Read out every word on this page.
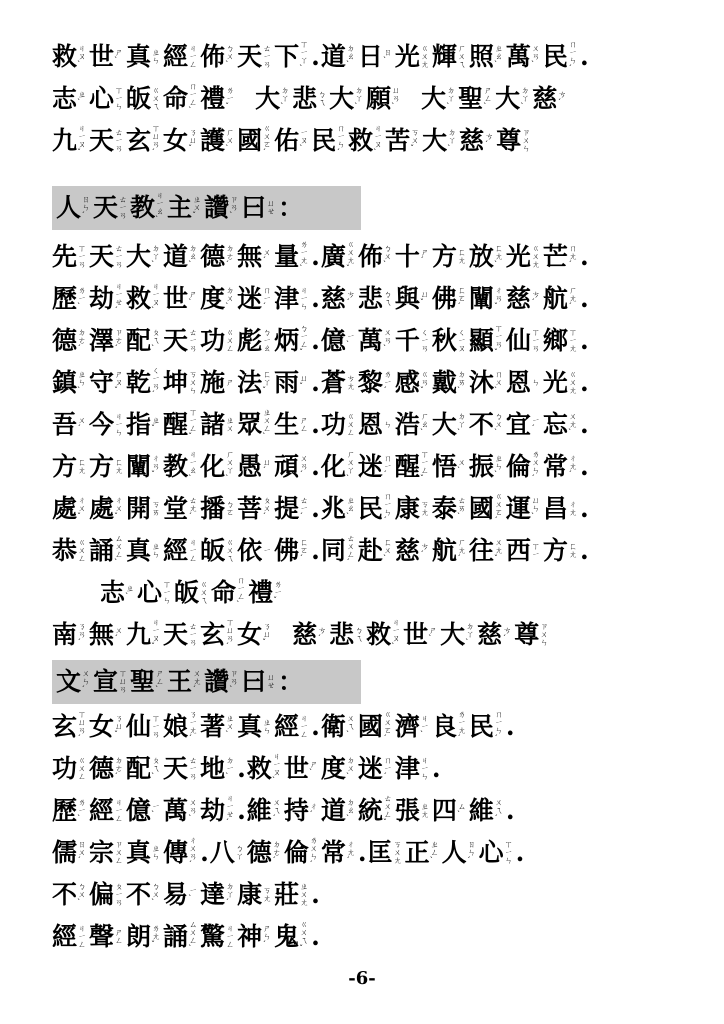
救 ㄐ
ㄡ
ˋ 世 ㄕ
ˋ 真 ㄓ
ㄣ 經 ㄐ
ㄧ
ㄥ 佈 ㄅ
ㄨ
ˋ 天 ㄊ
ㄧ
ㄢ 下 ㄒ
ㄧ
ㄚ
ˋ . 道 ㄉ
ㄠ
ˋ 日 ㄖ
ˋ 光 ㄍ
ㄨ
ㄤ 輝 ㄏ
ㄨ
ㄟ 照 ㄓ
ㄠ
ˋ 萬 ㄨ
ㄢ
ˋ 民 ㄇ
ㄧ
ㄣ
ˊ .
志 ㄓ
ˋ 心 ㄒ
ㄧ
ㄣ 皈 ㄍ
ㄨ
ㄟ 命 ㄇ
ㄧ
ㄥ
ˋ 禮 ㄌ
ㄧ
ˇ 大 ㄉ
ㄚ
ˋ 悲 ㄅ
ㄟ 大 ㄉ
ㄚ
ˋ 願 ㄩ
ㄢ
ˋ 大 ㄉ
ㄚ
ˋ 聖 ㄕ
ㄥ
ˋ 大 ㄉ
ㄚ
ˋ 慈 ㄘ
ˊ
九 ㄐ
ㄧ
ㄡ
ˇ 天 ㄊ
ㄧ
ㄢ 玄 ㄒ
ㄩ
ㄢ
ˊ 女 ㄋ
ㄩ
ˇ 護 ㄏ
ㄨ
ˋ 國 ㄍ
ㄨ
ㄛ
ˊ 佑 ㄧ
ㄡ
ˋ 民 ㄇ
ㄧ
ㄣ
ˊ 救 ㄐ
ㄧ
ㄡ
ˋ 苦 ㄎ
ㄨ
ˇ 大 ㄉ
ㄚ
ˋ 慈 ㄘ
ˊ 尊 ㄗ
ㄨ
ㄣ
人 ㄖ
ㄣ
ˊ 天 ㄊ
ㄧ
ㄢ 教 ㄐ
ㄧ
ㄠ
ˋ 主 ㄓ
ㄨ
ˇ 讚 ㄗ
ㄢ
ˋ 曰 ㄩ
ㄝ ：
先 ㄒ
ㄧ
ㄢ 天 ㄊ
ㄧ
ㄢ 大 ㄉ
ㄚ
ˋ 道 ㄉ
ㄠ
ˋ 德 ㄉ
ㄜ
ˊ 無 ㄨ
ˊ 量 ㄌ
ㄧ
ㄤ
ˋ . 廣 ㄍ
ㄨ
ㄤ
ˇ 佈 ㄅ
ㄨ
ˋ 十 ㄕ
ˊ 方 ㄈ
ㄤ 放 ㄈ
ㄤ
ˋ 光 ㄍ
ㄨ
ㄤ 芒 ㄇ
ㄤ
ˊ .
歷 ㄌ
ㄧ
ˋ 劫 ㄐ
ㄧ
ㄝ
ˊ 救 ㄐ
ㄧ
ㄡ
ˋ 世 ㄕ
ˋ 度 ㄉ
ㄨ
ˋ 迷 ㄇ
ㄧ
ˊ 津 ㄐ
ㄧ
ㄣ . 慈 ㄘ
ˊ 悲 ㄅ
ㄟ 與 ㄩ
ˇ 佛 ㄈ
ㄛ
ˊ 闡 ㄔ
ㄢ
ˇ 慈 ㄘ
ˊ 航 ㄏ
ㄤ
ˊ .
德 ㄉ
ㄜ
ˊ 澤 ㄗ
ㄜ
ˊ 配 ㄆ
ㄟ
ˋ 天 ㄊ
ㄧ
ㄢ 功 ㄍ
ㄨ
ㄥ 彪 ㄅ
ㄧ
ㄠ 炳 ㄅ
ㄧ
ㄥ
ˇ . 億 ㄧ
ˋ 萬 ㄨ
ㄢ
ˋ 千 ㄑ
ㄧ
ㄢ 秋 ㄑ
ㄧ
ㄡ 顯 ㄒ
ㄧ
ㄢ
ˇ 仙 ㄒ
ㄧ
ㄢ 鄉 ㄒ
ㄧ
ㄤ .
鎮 ㄓ
ㄣ
ˋ 守 ㄕ
ㄡ
ˇ 乾 ㄑ
ㄧ
ㄢ
ˊ 坤 ㄎ
ㄨ
ㄣ 施 ㄕ 法 ㄈ
ㄚ
ˇ 雨 ㄩ
ˇ . 蒼 ㄘ
ㄤ 黎 ㄌ
ㄧ
ˊ 感 ㄍ
ㄢ
ˇ 戴 ㄉ
ㄞ
ˋ 沐 ㄇ
ㄨ
ˋ 恩 ㄣ 光 ㄍ
ㄨ
ㄤ .
吾 ㄨ
ˊ 今 ㄐ
ㄧ
ㄣ 指 ㄓ
ˇ 醒 ㄒ
ㄧ
ㄥ
ˇ 諸 ㄓ
ㄨ 眾 ㄓ
ㄨ
ㄥ
ˋ 生 ㄕ
ㄥ . 功 ㄍ
ㄨ
ㄥ 恩 ㄣ 浩 ㄏ
ㄠ
ˋ 大 ㄉ
ㄚ
ˋ 不 ㄅ
ㄨ
ˋ 宜 ㄧ
ˊ 忘 ㄨ
ㄤ
ˋ .
方 ㄈ
ㄤ 方 ㄈ
ㄤ 闡 ㄔ
ㄢ
ˇ 教 ㄐ
ㄧ
ㄠ
ˋ 化 ㄏ
ㄨ
ㄚ
ˋ 愚 ㄩ
ˊ 頑 ㄨ
ㄢ
ˊ . 化 ㄏ
ㄨ
ㄚ
ˋ 迷 ㄇ
ㄧ
ˊ 醒 ㄒ
ㄧ
ㄥ
ˇ 悟 ㄨ
ˋ 振 ㄓ
ㄣ
ˋ 倫 ㄌ
ㄨ
ㄣ
ˊ 常 ㄔ
ㄤ
ˊ .
處 ㄔ
ㄨ
ˇ 處 ㄔ
ㄨ
ˇ 開 ㄎ
ㄞ 堂 ㄊ
ㄤ
ˊ 播 ㄅ
ㄛ 菩 ㄆ
ㄨ
ˊ 提 ㄊ
ㄧ
ˊ . 兆 ㄓ
ㄠ
ˋ 民 ㄇ
ㄧ
ㄣ
ˊ 康 ㄎ
ㄤ 泰 ㄊ
ㄞ
ˋ 國 ㄍ
ㄨ
ㄛ
ˊ 運 ㄩ
ㄣ
ˋ 昌 ㄔ
ㄤ .
恭 ㄍ
ㄨ
ㄥ 誦 ㄙ
ㄨ
ㄥ
ˋ 真 ㄓ
ㄣ 經 ㄐ
ㄧ
ㄥ 皈 ㄍ
ㄨ
ㄟ 依 ㄧ 佛 ㄈ
ㄛ
ˊ . 同 ㄊ
ㄨ
ㄥ
ˊ 赴 ㄈ
ㄨ
ˋ 慈 ㄘ
ˊ 航 ㄏ
ㄤ
ˊ 往 ㄨ
ㄤ
ˇ 西 ㄒ
ㄧ 方 ㄈ
ㄤ .
志 ㄓ
ˋ 心 ㄒ
ㄧ
ㄣ 皈 ㄍ
ㄨ
ㄟ 命 ㄇ
ㄧ
ㄥ
ˋ 禮 ㄌ
ㄧ
ˇ
南 ㄋ
ㄢ
ˊ 無 ㄨ
ˊ 九 ㄐ
ㄧ
ㄡ
ˇ 天 ㄊ
ㄧ
ㄢ 玄 ㄒ
ㄩ
ㄢ
ˊ 女 ㄋ
ㄩ
ˇ 慈 ㄘ
ˊ 悲 ㄅ
ㄟ 救 ㄐ
ㄧ
ㄡ
ˋ 世 ㄕ
ˋ 大 ㄉ
ㄚ
ˋ 慈 ㄘ
ˊ 尊 ㄗ
ㄨ
ㄣ
文 ㄨ
ㄣ
ˊ 宣 ㄒ
ㄩ
ㄢ 聖 ㄕ
ㄥ
ˋ 王 ㄨ
ㄤ
ˊ 讚 ㄗ
ㄢ
ˋ 曰 ㄩ
ㄝ ：
玄 ㄒ
ㄩ
ㄢ
ˊ 女 ㄋ
ㄩ
ˇ 仙 ㄒ
ㄧ
ㄢ 娘 ㄋ
ㄧ
ㄤ
ˊ 著 ㄓ
ㄨ
ˋ 真 ㄓ
ㄣ 經 ㄐ
ㄧ
ㄥ . 衛 ㄨ
ㄟ
ˋ 國 ㄍ
ㄨ
ㄛ
ˊ 濟 ㄐ
ㄧ
ˋ 良 ㄌ
ㄧ
ㄤ
ˊ 民 ㄇ
ㄧ
ㄣ
ˊ .
功 ㄍ
ㄨ
ㄥ 德 ㄉ
ㄜ
ˊ 配 ㄆ
ㄟ
ˋ 天 ㄊ
ㄧ
ㄢ 地 ㄉ
ㄧ
ˋ . 救 ㄐ
ㄧ
ㄡ
ˋ 世 ㄕ
ˋ 度 ㄉ
ㄨ
ˋ 迷 ㄇ
ㄧ
ˊ 津 ㄐ
ㄧ
ㄣ .
歷 ㄌ
ㄧ
ˋ 經 ㄐ
ㄧ
ㄥ 億 ㄧ
ˋ 萬 ㄨ
ㄢ
ˋ 劫 ㄐ
ㄧ
ㄝ
ˊ . 維 ㄨ
ㄟ
ˊ 持 ㄔ
ˊ 道 ㄉ
ㄠ
ˋ 統 ㄊ
ㄨ
ㄥ
ˇ 張 ㄓ
ㄤ 四 ㄙ
ˋ 維 ㄨ
ㄟ
ˊ .
儒 ㄖ
ㄨ
ˊ 宗 ㄗ
ㄨ
ㄥ 真 ㄓ
ㄣ 傳 ㄔ
ㄨ
ㄢ
ˊ . 八 ㄅ
ㄚ 德 ㄉ
ㄜ
ˊ 倫 ㄌ
ㄨ
ㄣ
ˊ 常 ㄔ
ㄤ
ˊ . 匡 ㄎ
ㄨ
ㄤ 正 ㄓ
ㄥ
ˋ 人 ㄖ
ㄣ
ˊ 心 ㄒ
ㄧ
ㄣ .
不 ㄅ
ㄨ
ˋ 偏 ㄆ
ㄧ
ㄢ 不 ㄅ
ㄨ
ˋ 易 ㄧ
ˋ 達 ㄉ
ㄚ
ˊ 康 ㄎ
ㄤ 莊 ㄓ
ㄨ
ㄤ .
經 ㄐ
ㄧ
ㄥ 聲 ㄕ
ㄥ 朗 ㄌ
ㄤ
ˇ 誦 ㄙ
ㄨ
ㄥ
ˋ 驚 ㄐ
ㄧ
ㄥ 神 ㄕ
ㄣ
ˊ 鬼 ㄍ
ㄨ
ㄟ
ˇ .
-6-
